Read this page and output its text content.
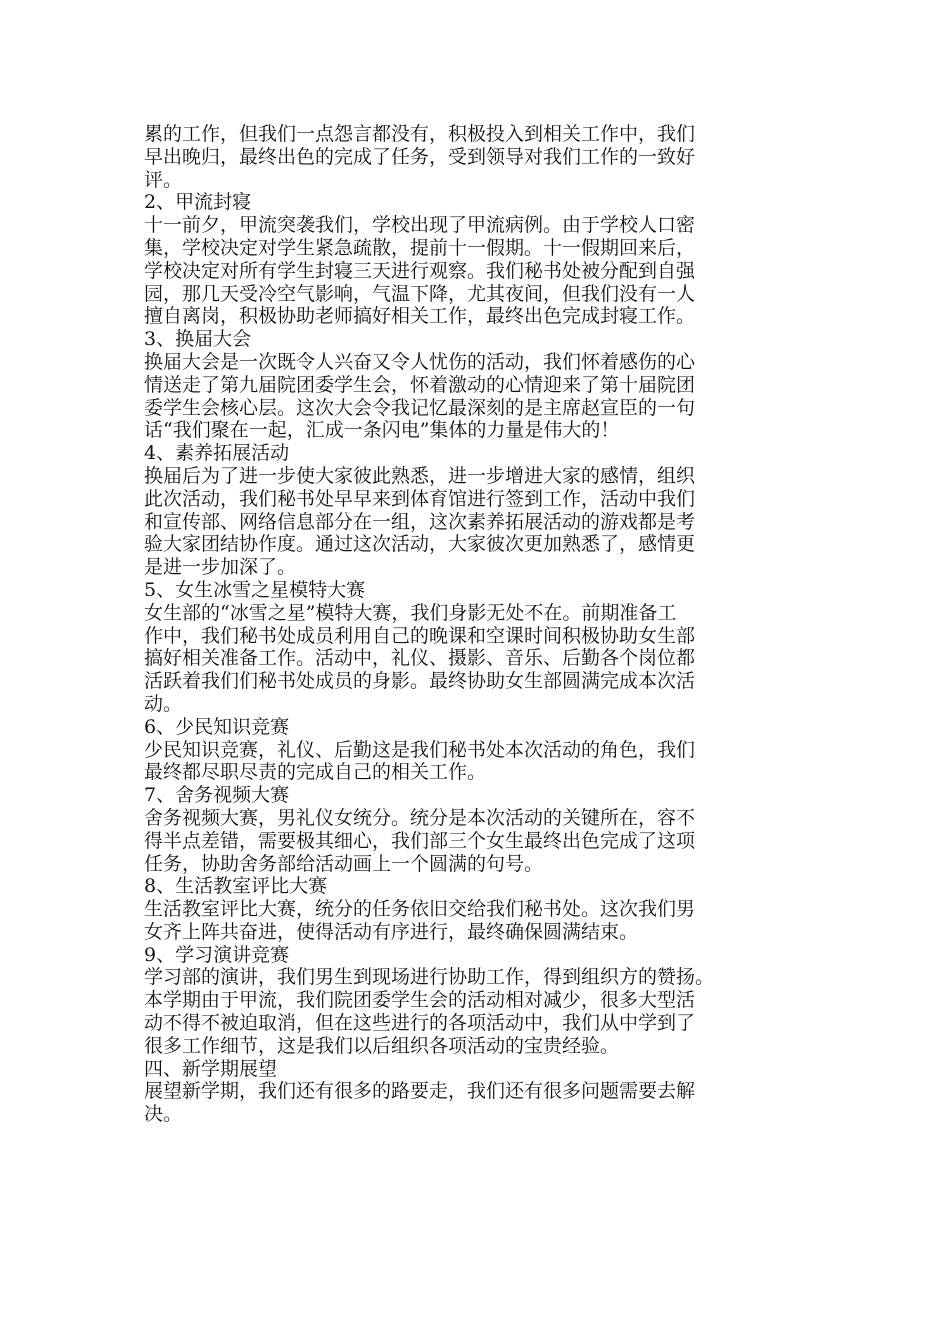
累的工作，但我们一点怨言都没有，积极投入到相关工作中，我们

早出晚归，最终出色的完成了任务，受到领导对我们工作的一致好

评。

2、甲流封寝

十一前夕，甲流突袭我们，学校出现了甲流病例。由于学校人口密

集，学校决定对学生紧急疏散，提前十一假期。十一假期回来后，

学校决定对所有学生封寝三天进行观察。我们秘书处被分配到自强

园，那几天受冷空气影响，气温下降，尤其夜间，但我们没有一人

擅自离岗，积极协助老师搞好相关工作，最终出色完成封寝工作。

3、换届大会

换届大会是一次既令人兴奋又令人忧伤的活动，我们怀着感伤的心

情送走了第九届院团委学生会，怀着激动的心情迎来了第十届院团

委学生会核心层。这次大会令我记忆最深刻的是主席赵宣臣的一句

话“我们聚在一起，汇成一条闪电”集体的力量是伟大的！

4、素养拓展活动

换届后为了进一步使大家彼此熟悉，进一步增进大家的感情，组织

此次活动，我们秘书处早早来到体育馆进行签到工作，活动中我们

和宣传部、网络信息部分在一组，这次素养拓展活动的游戏都是考

验大家团结协作度。通过这次活动，大家彼次更加熟悉了，感情更

是进一步加深了。

5、女生冰雪之星模特大赛

女生部的“冰雪之星”模特大赛，我们身影无处不在。前期准备工

作中，我们秘书处成员利用自己的晚课和空课时间积极协助女生部

搞好相关准备工作。活动中，礼仪、摄影、音乐、后勤各个岗位都

活跃着我们们秘书处成员的身影。最终协助女生部圆满完成本次活

动。

6、少民知识竞赛

少民知识竞赛，礼仪、后勤这是我们秘书处本次活动的角色，我们

最终都尽职尽责的完成自己的相关工作。

7、舍务视频大赛

舍务视频大赛，男礼仪女统分。统分是本次活动的关键所在，容不

得半点差错，需要极其细心，我们部三个女生最终出色完成了这项

任务，协助舍务部给活动画上一个圆满的句号。

8、生活教室评比大赛

生活教室评比大赛，统分的任务依旧交给我们秘书处。这次我们男

女齐上阵共奋进，使得活动有序进行，最终确保圆满结束。

9、学习演讲竞赛

学习部的演讲，我们男生到现场进行协助工作，得到组织方的赞扬。

本学期由于甲流，我们院团委学生会的活动相对减少，很多大型活

动不得不被迫取消，但在这些进行的各项活动中，我们从中学到了

很多工作细节，这是我们以后组织各项活动的宝贵经验。

四、新学期展望

展望新学期，我们还有很多的路要走，我们还有很多问题需要去解

决。
